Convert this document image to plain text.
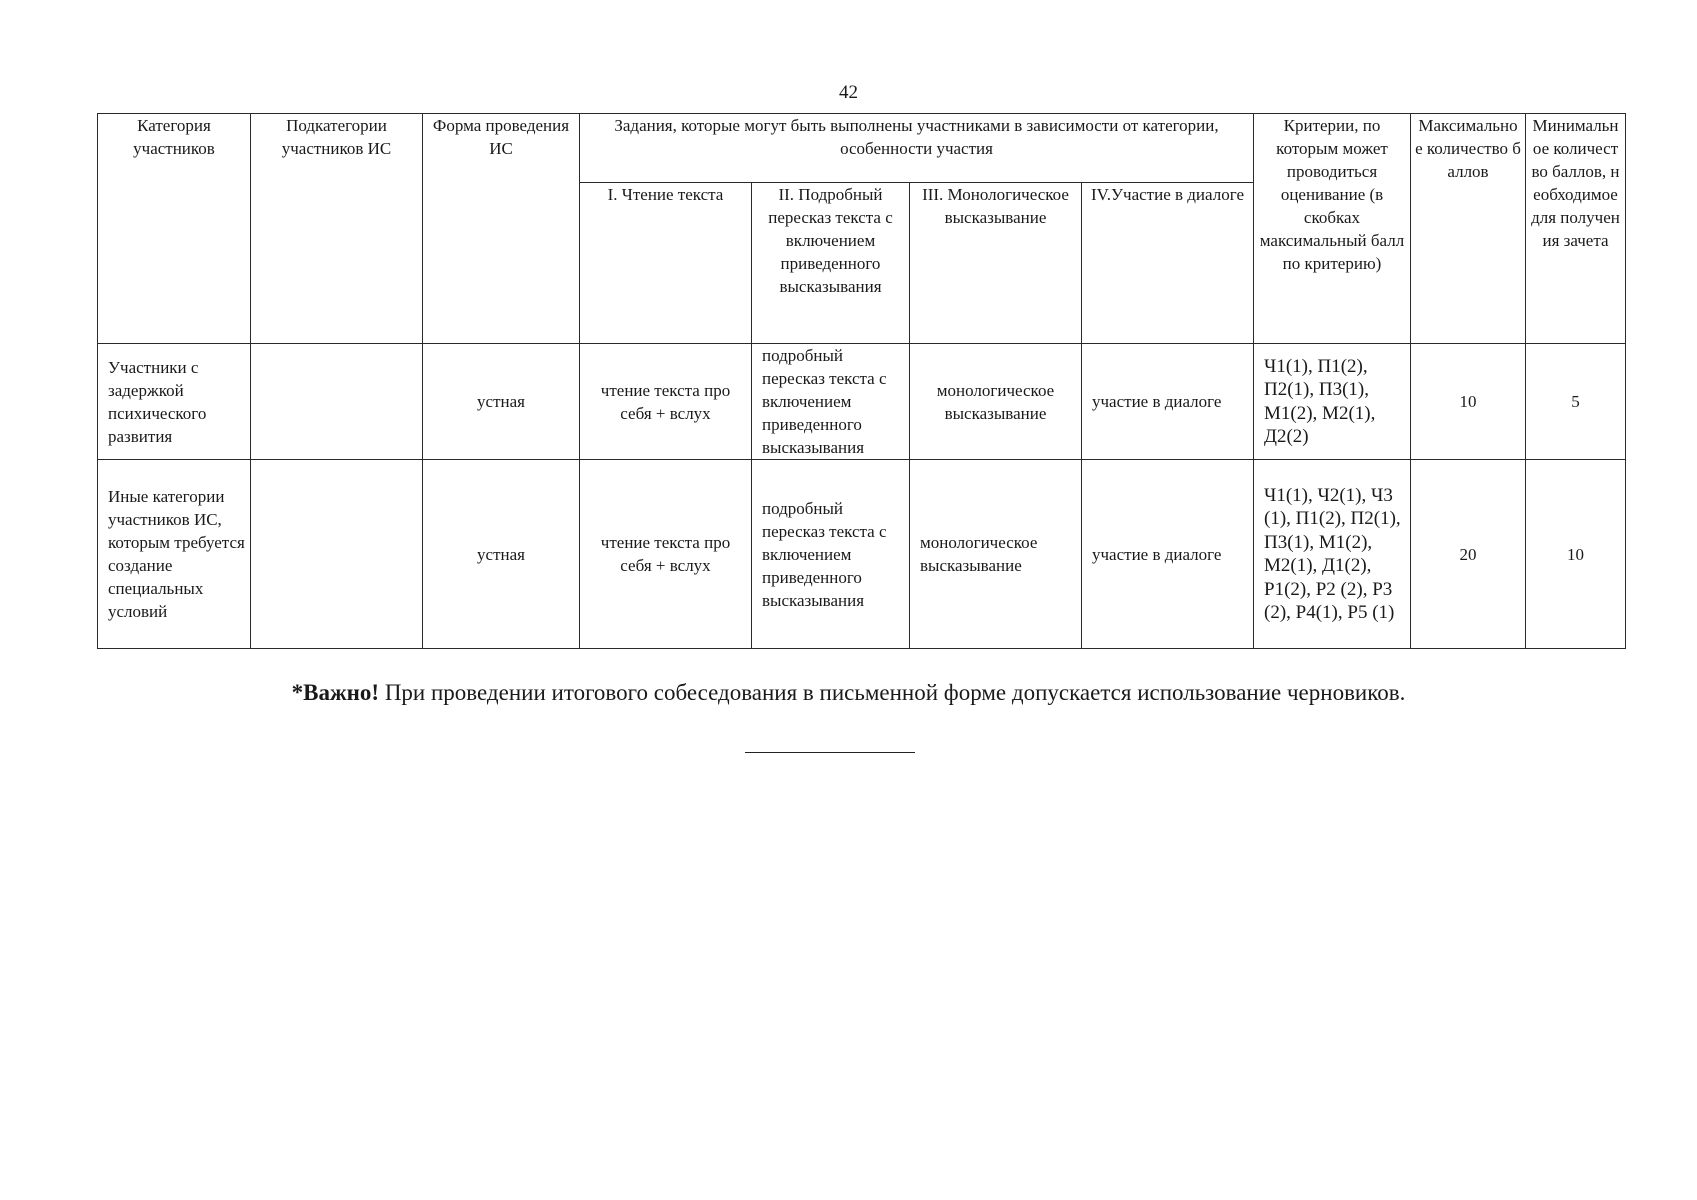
42
Категория участников	Подкатегории участников ИС	Форма проведения ИС	Задания, которые могут быть выполнены участниками в зависимости от категории, особенности участия				Критерии, по которым может проводиться оценивание (в скобках максимальный балл по критерию)	Максимальное количество баллов	Минимальное количество баллов, необходимое для получения зачета
			I. Чтение текста	II. Подробный пересказ текста с включением приведенного высказывания	III. Монологическое высказывание	IV.Участие в диалоге			
Участники с задержкой психического развития		устная	чтение текста про себя + вслух	подробный пересказ текста с включением приведенного высказывания	монологическое высказывание	участие в диалоге	Ч1(1), П1(2), П2(1), П3(1), М1(2), М2(1), Д2(2)	10	5
Иные категории участников ИС, которым требуется создание специальных условий		устная	чтение текста про себя + вслух	подробный пересказ текста с включением приведенного высказывания	монологическое высказывание	участие в диалоге	Ч1(1), Ч2(1), Ч3 (1), П1(2), П2(1), П3(1), М1(2), М2(1), Д1(2), Р1(2), Р2 (2), Р3 (2), Р4(1), Р5 (1)	20	10
*Важно! При проведении итогового собеседования в письменной форме допускается использование черновиков.
